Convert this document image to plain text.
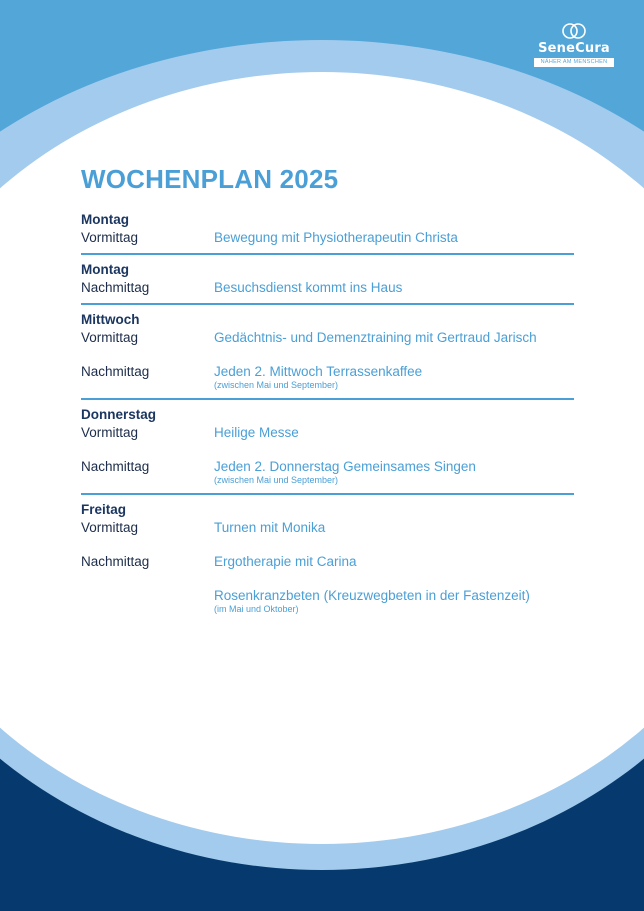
SeneCura
NÄHER AM MENSCHEN
WOCHENPLAN 2025
Montag
Vormittag	Bewegung mit Physiotherapeutin Christa
Montag
Nachmittag	Besuchsdienst kommt ins Haus
Mittwoch
Vormittag	Gedächtnis- und Demenztraining mit Gertraud Jarisch
Nachmittag	Jeden 2. Mittwoch Terrassenkaffee
(zwischen Mai und September)
Donnerstag
Vormittag	Heilige Messe
Nachmittag	Jeden 2. Donnerstag Gemeinsames Singen
(zwischen Mai und September)
Freitag
Vormittag	Turnen mit Monika
Nachmittag	Ergotherapie mit Carina
Rosenkranzbeten (Kreuzwegbeten in der Fastenzeit)
(im Mai und Oktober)
